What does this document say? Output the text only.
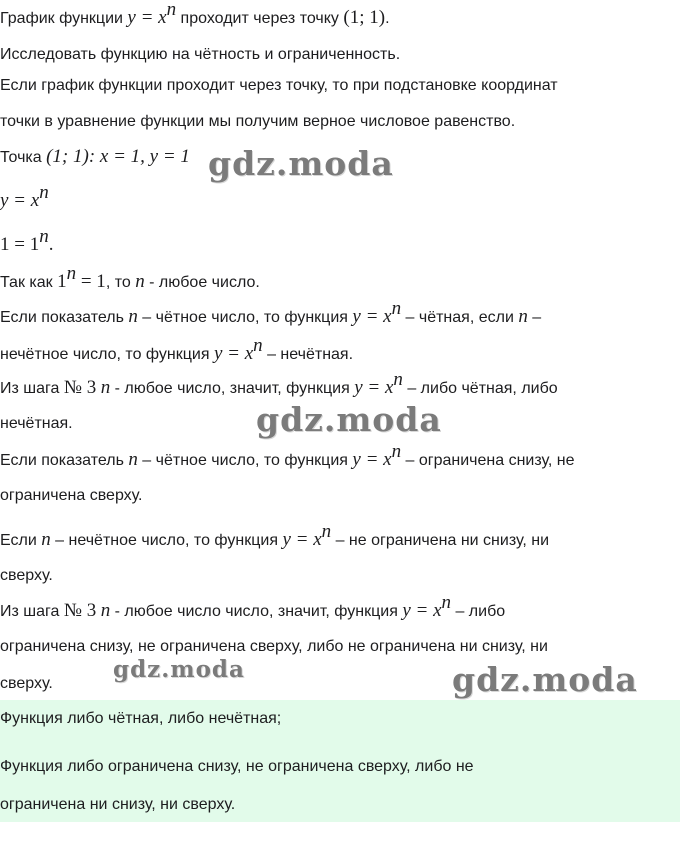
График функции $y = x^n$ проходит через точку (1; 1).
Исследовать функцию на чётность и ограниченность.
Если график функции проходит через точку, то при подстановке координат
точки в уравнение функции мы получим верное числовое равенство.
Точка (1; 1): x = 1, y = 1
$y = x^n$
$1 = 1^n$.
Так как $1^n = 1$, то n - любое число.
Если показатель n – чётное число, то функция $y = x^n$ – чётная, если n –
нечётное число, то функция $y = x^n$ – нечётная.
Из шага № 3 n - любое число, значит, функция $y = x^n$ – либо чётная, либо
нечётная.
Если показатель n – чётное число, то функция $y = x^n$ – ограничена снизу, не
ограничена сверху.
Если n – нечётное число, то функция $y = x^n$ – не ограничена ни снизу, ни
сверху.
Из шага № 3 n - любое число число, значит, функция $y = x^n$ – либо
ограничена снизу, не ограничена сверху, либо не ограничена ни снизу, ни
сверху.
Функция либо чётная, либо нечётная;
Функция либо ограничена снизу, не ограничена сверху, либо не
ограничена ни снизу, ни сверху.
gdz.moda
gdz.moda
gdz.moda	gdz.moda
